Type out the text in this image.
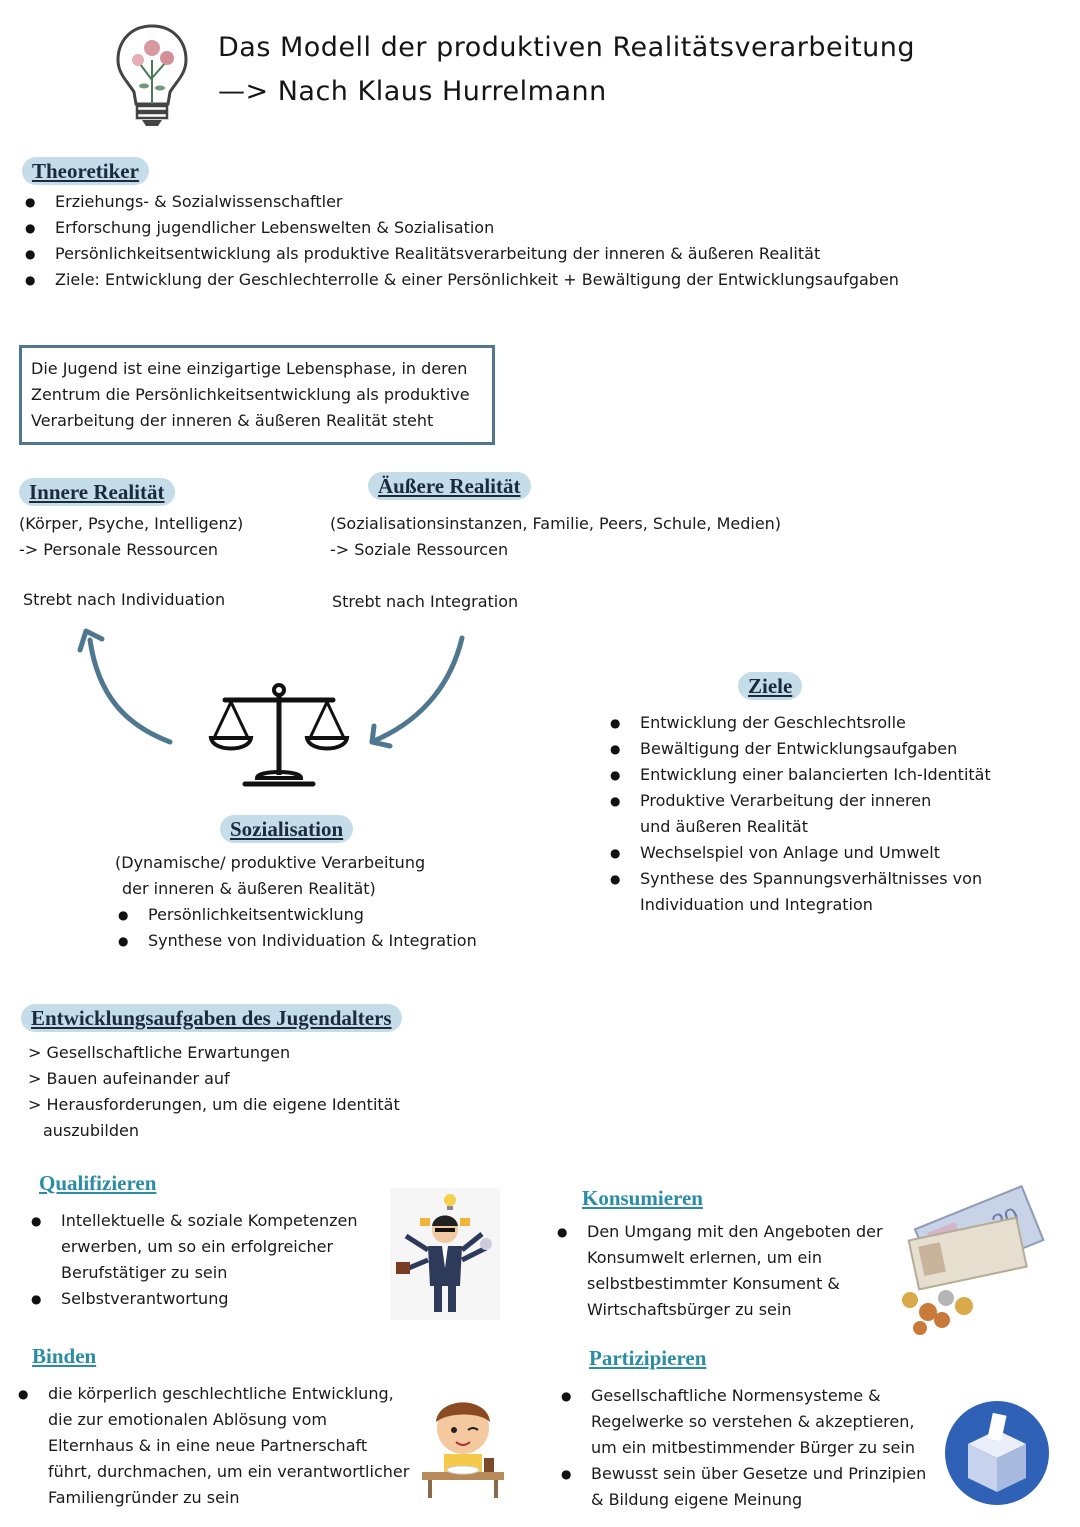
Das Modell der produktiven Realitätsverarbeitung
—> Nach Klaus Hurrelmann
Theoretiker
● Erziehungs- & Sozialwissenschaftler
● Erforschung jugendlicher Lebenswelten & Sozialisation
● Persönlichkeitsentwicklung als produktive Realitätsverarbeitung der inneren & äußeren Realität
● Ziele: Entwicklung der Geschlechterrolle & einer Persönlichkeit + Bewältigung der Entwicklungsaufgaben
Die Jugend ist eine einzigartige Lebensphase, in deren
Zentrum die Persönlichkeitsentwicklung als produktive
Verarbeitung der inneren & äußeren Realität steht
Innere Realität
(Körper, Psyche, Intelligenz)
-> Personale Ressourcen
Strebt nach Individuation
Äußere Realität
(Sozialisationsinstanzen, Familie, Peers, Schule, Medien)
-> Soziale Ressourcen
Strebt nach Integration
Sozialisation
(Dynamische/ produktive Verarbeitung
der inneren & äußeren Realität)
● Persönlichkeitsentwicklung
● Synthese von Individuation & Integration
Ziele
● Entwicklung der Geschlechtsrolle
● Bewältigung der Entwicklungsaufgaben
● Entwicklung einer balancierten Ich-Identität
● Produktive Verarbeitung der inneren und äußeren Realität
● Wechselspiel von Anlage und Umwelt
● Synthese des Spannungsverhältnisses von Individuation und Integration
Entwicklungsaufgaben des Jugendalters
> Gesellschaftliche Erwartungen
> Bauen aufeinander auf
> Herausforderungen, um die eigene Identität
auszubilden
Qualifizieren
● Intellektuelle & soziale Kompetenzen erwerben, um so ein erfolgreicher Berufstätiger zu sein
● Selbstverantwortung
Konsumieren
● Den Umgang mit den Angeboten der Konsumwelt erlernen, um ein selbstbestimmter Konsument & Wirtschaftsbürger zu sein
Binden
● die körperlich geschlechtliche Entwicklung, die zur emotionalen Ablösung vom Elternhaus & in eine neue Partnerschaft führt, durchmachen, um ein verantwortlicher Familiengründer zu sein
Partizipieren
● Gesellschaftliche Normensysteme & Regelwerke so verstehen & akzeptieren, um ein mitbestimmender Bürger zu sein
● Bewusst sein über Gesetze und Prinzipien & Bildung eigene Meinung
